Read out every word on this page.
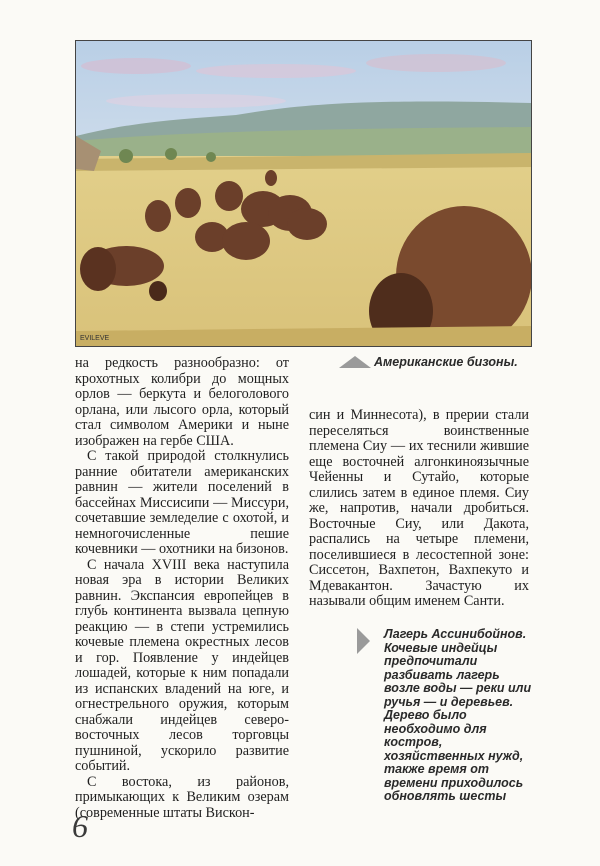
EVILEVE
Американские бизоны.

на редкость разнообразно: от крохотных колибри до мощных орлов — беркута и белоголового орлана, или лысого орла, который стал символом Америки и ныне изображен на гербе США.

С такой природой столкнулись ранние обитатели американских равнин — жители поселений в бассейнах Миссисипи — Миссури, сочетавшие земледелие с охотой, и немногочисленные пешие кочевники — охотники на бизонов.

С начала XVIII века наступила новая эра в истории Великих равнин. Экспансия европейцев в глубь континента вызвала цепную реакцию — в степи устремились кочевые племена окрестных лесов и гор. Появление у индейцев лошадей, которые к ним попадали из испанских владений на юге, и огнестрельного оружия, которым снабжали индейцев северо-восточных лесов торговцы пушниной, ускорило развитие событий.

С востока, из районов, примыкающих к Великим озерам (современные штаты Вискон-

син и Миннесота), в прерии стали переселяться воинственные племена Сиу — их теснили жившие еще восточней алгонкиноязычные Чейенны и Сутайо, которые слились затем в единое племя. Сиу же, напротив, начали дробиться. Восточные Сиу, или Дакота, распались на четыре племени, поселившиеся в лесостепной зоне: Сиссетон, Вахпетон, Вахпекуто и Мдевакантон. Зачастую их называли общим именем Санти.

Лагерь Ассинибойнов. Кочевые индейцы предпочитали разбивать лагерь возле воды — реки или ручья — и деревьев. Дерево было необходимо для костров, хозяйственных нужд, также время от времени приходилось обновлять шесты
6
